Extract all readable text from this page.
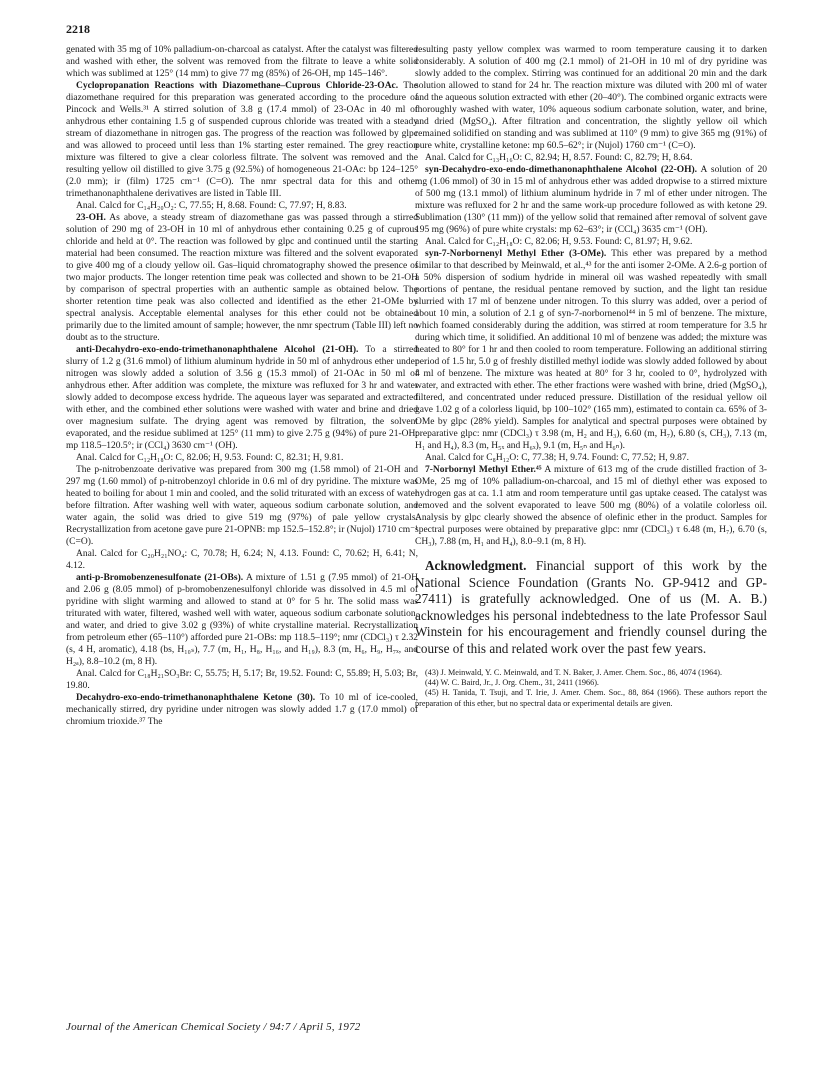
2218

genated with 35 mg of 10% palladium-on-charcoal as catalyst. After the catalyst was filtered and washed with ether, the solvent was removed from the filtrate to leave a white solid which was sublimed at 125° (14 mm) to give 77 mg (85%) of 26-OH, mp 145–146°.

Cyclopropanation Reactions with Diazomethane–Cuprous Chloride-23-OAc. The diazomethane required for this preparation was generated according to the procedure of Pincock and Wells.³¹ A stirred solution of 3.8 g (17.4 mmol) of 23-OAc in 40 ml of anhydrous ether containing 1.5 g of suspended cuprous chloride was treated with a steady stream of diazomethane in nitrogen gas. The progress of the reaction was followed by glpc and was allowed to proceed until less than 1% starting ester remained. The grey reaction mixture was filtered to give a clear colorless filtrate. The solvent was removed and the resulting yellow oil distilled to give 3.75 g (92.5%) of homogeneous 21-OAc: bp 124–125° (2.0 mm); ir (film) 1725 cm⁻¹ (C=O). The nmr spectral data for this and other trimethanonaphthalene derivatives are listed in Table III.

Anal. Calcd for C₁₄H₂₀O₂: C, 77.55; H, 8.68. Found: C, 77.97; H, 8.83.

23-OH. As above, a steady stream of diazomethane gas was passed through a stirred solution of 290 mg of 23-OH in 10 ml of anhydrous ether containing 0.25 g of cuprous chloride and held at 0°. The reaction was followed by glpc and continued until the starting material had been consumed. The reaction mixture was filtered and the solvent evaporated to give 400 mg of a cloudy yellow oil. Gas–liquid chromatography showed the presence of two major products. The longer retention time peak was collected and shown to be 21-OH by comparison of spectral properties with an authentic sample as obtained below. The shorter retention time peak was also collected and identified as the ether 21-OMe by spectral analysis. Acceptable elemental analyses for this ether could not be obtained primarily due to the limited amount of sample; however, the nmr spectrum (Table III) left no doubt as to the structure.

anti-Decahydro-exo-endo-trimethanonaphthalene Alcohol (21-OH). To a stirred slurry of 1.2 g (31.6 mmol) of lithium aluminum hydride in 50 ml of anhydrous ether under nitrogen was slowly added a solution of 3.56 g (15.3 mmol) of 21-OAc in 50 ml of anhydrous ether. After addition was complete, the mixture was refluxed for 3 hr and water slowly added to decompose excess hydride. The aqueous layer was separated and extracted with ether, and the combined ether solutions were washed with water and brine and dried over magnesium sulfate. The drying agent was removed by filtration, the solvent evaporated, and the residue sublimed at 125° (11 mm) to give 2.75 g (94%) of pure 21-OH: mp 118.5–120.5°; ir (CCl₄) 3630 cm⁻¹ (OH).

Anal. Calcd for C₁₂H₁₈O: C, 82.06; H, 9.53. Found: C, 82.31; H, 9.81.

The p-nitrobenzoate derivative was prepared from 300 mg (1.58 mmol) of 21-OH and 297 mg (1.60 mmol) of p-nitrobenzoyl chloride in 0.6 ml of dry pyridine. The mixture was heated to boiling for about 1 min and cooled, and the solid triturated with an excess of water before filtration. After washing well with water, aqueous sodium carbonate solution, and water again, the solid was dried to give 519 mg (97%) of pale yellow crystals. Recrystallization from acetone gave pure 21-OPNB: mp 152.5–152.8°; ir (Nujol) 1710 cm⁻¹ (C=O).

Anal. Calcd for C₂₀H₂₁NO₄: C, 70.78; H, 6.24; N, 4.13. Found: C, 70.62; H, 6.41; N, 4.12.

anti-p-Bromobenzenesulfonate (21-OBs). A mixture of 1.51 g (7.95 mmol) of 21-OH and 2.06 g (8.05 mmol) of p-bromobenzenesulfonyl chloride was dissolved in 4.5 ml of pyridine with slight warming and allowed to stand at 0° for 5 hr. The solid mass was triturated with water, filtered, washed well with water, aqueous sodium carbonate solution, and water, and dried to give 3.02 g (93%) of white crystalline material. Recrystallization from petroleum ether (65–110°) afforded pure 21-OBs: mp 118.5–119°; nmr (CDCl₃) τ 2.32 (s, 4 H, aromatic), 4.18 (bs, H₁₀ₛ), 7.7 (m, H₁, H₈, H₁₆, and H₁₉), 8.3 (m, H₆, H₉, H₇ₓ, and H₂ₐ), 8.8–10.2 (m, 8 H).

Anal. Calcd for C₁₈H₂₁SO₃Br: C, 55.75; H, 5.17; Br, 19.52. Found: C, 55.89; H, 5.03; Br, 19.80.

Decahydro-exo-endo-trimethanonaphthalene Ketone (30). To 10 ml of ice-cooled, mechanically stirred, dry pyridine under nitrogen was slowly added 1.7 g (17.0 mmol) of chromium trioxide.³⁷ The

resulting pasty yellow complex was warmed to room temperature causing it to darken considerably. A solution of 400 mg (2.1 mmol) of 21-OH in 10 ml of dry pyridine was slowly added to the complex. Stirring was continued for an additional 20 min and the dark solution allowed to stand for 24 hr. The reaction mixture was diluted with 200 ml of water and the aqueous solution extracted with ether (20–40°). The combined organic extracts were thoroughly washed with water, 10% aqueous sodium carbonate solution, water, and brine, and dried (MgSO₄). After filtration and concentration, the slightly yellow oil which remained solidified on standing and was sublimed at 110° (9 mm) to give 365 mg (91%) of pure white, crystalline ketone: mp 60.5–62°; ir (Nujol) 1760 cm⁻¹ (C=O).

Anal. Calcd for C₁₃H₁₆O: C, 82.94; H, 8.57. Found: C, 82.79; H, 8.64.

syn-Decahydro-exo-endo-dimethanonaphthalene Alcohol (22-OH). A solution of 20 mg (1.06 mmol) of 30 in 15 ml of anhydrous ether was added dropwise to a stirred mixture of 500 mg (13.1 mmol) of lithium aluminum hydride in 7 ml of ether under nitrogen. The mixture was refluxed for 2 hr and the same work-up procedure followed as with ketone 29. Sublimation (130° (11 mm)) of the yellow solid that remained after removal of solvent gave 195 mg (96%) of pure white crystals: mp 62–63°; ir (CCl₄) 3635 cm⁻¹ (OH).

Anal. Calcd for C₁₂H₁₈O: C, 82.06; H, 9.53. Found: C, 81.97; H, 9.62.

syn-7-Norbornenyl Methyl Ether (3-OMe). This ether was prepared by a method similar to that described by Meinwald, et al.,⁴³ for the anti isomer 2-OMe. A 2.6-g portion of a 50% dispersion of sodium hydride in mineral oil was washed repeatedly with small portions of pentane, the residual pentane removed by suction, and the light tan residue slurried with 17 ml of benzene under nitrogen. To this slurry was added, over a period of about 10 min, a solution of 2.1 g of syn-7-norbornenol⁴⁴ in 5 ml of benzene. The mixture, which foamed considerably during the addition, was stirred at room temperature for 3.5 hr during which time, it solidified. An additional 10 ml of benzene was added; the mixture was heated to 80° for 1 hr and then cooled to room temperature. Following an additional stirring period of 1.5 hr, 5.0 g of freshly distilled methyl iodide was slowly added followed by about 4 ml of benzene. The mixture was heated at 80° for 3 hr, cooled to 0°, hydrolyzed with water, and extracted with ether. The ether fractions were washed with brine, dried (MgSO₄), filtered, and concentrated under reduced pressure. Distillation of the residual yellow oil gave 1.02 g of a colorless liquid, bp 100–102° (165 mm), estimated to contain ca. 65% of 3-OMe by glpc (28% yield). Samples for analytical and spectral purposes were obtained by preparative glpc: nmr (CDCl₃) τ 3.98 (m, H₂ and H₃), 6.60 (m, H₇), 6.80 (s, CH₃), 7.13 (m, H₁ and H₄), 8.3 (m, H₅ₓ and H₆ₓ), 9.1 (m, H₅ₙ and H₆ₙ).

Anal. Calcd for C₈H₁₂O: C, 77.38; H, 9.74. Found: C, 77.52; H, 9.87.

7-Norbornyl Methyl Ether.⁴⁵ A mixture of 613 mg of the crude distilled fraction of 3-OMe, 25 mg of 10% palladium-on-charcoal, and 15 ml of diethyl ether was exposed to hydrogen gas at ca. 1.1 atm and room temperature until gas uptake ceased. The catalyst was removed and the solvent evaporated to leave 500 mg (80%) of a volatile colorless oil. Analysis by glpc clearly showed the absence of olefinic ether in the product. Samples for spectral purposes were obtained by preparative glpc: nmr (CDCl₃) τ 6.48 (m, H₇), 6.70 (s, CH₃), 7.88 (m, H₁ and H₄), 8.0–9.1 (m, 8 H).

Acknowledgment. Financial support of this work by the National Science Foundation (Grants No. GP-9412 and GP-27411) is gratefully acknowledged. One of us (M. A. B.) acknowledges his personal indebtedness to the late Professor Saul Winstein for his encouragement and friendly counsel during the course of this and related work over the past few years.

(43) J. Meinwald, Y. C. Meinwald, and T. N. Baker, J. Amer. Chem. Soc., 86, 4074 (1964).

(44) W. C. Baird, Jr., J. Org. Chem., 31, 2411 (1966).

(45) H. Tanida, T. Tsuji, and T. Irie, J. Amer. Chem. Soc., 88, 864 (1966). These authors report the preparation of this ether, but no spectral data or experimental details are given.

Journal of the American Chemical Society / 94:7 / April 5, 1972
